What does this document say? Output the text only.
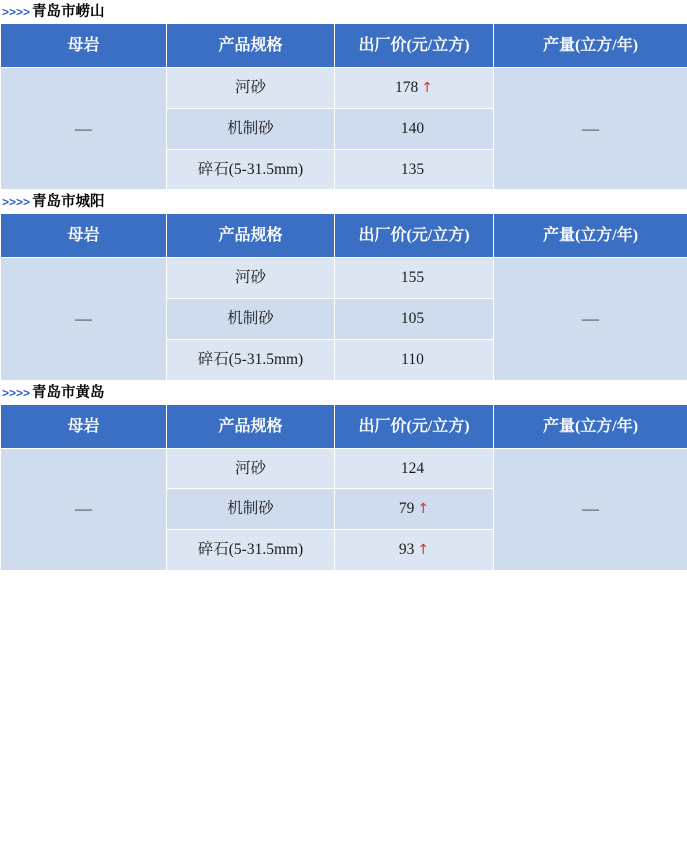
>>>> 青岛市崂山
母岩	产品规格	出厂价(元/立方)	产量(立方/年)
—	河砂	178 ↑	—
	机制砂	140	
	碎石(5-31.5mm)	135	
>>>> 青岛市城阳
母岩	产品规格	出厂价(元/立方)	产量(立方/年)
—	河砂	155	—
	机制砂	105	
	碎石(5-31.5mm)	110	
>>>> 青岛市黄岛
母岩	产品规格	出厂价(元/立方)	产量(立方/年)
—	河砂	124	—
	机制砂	79 ↑	
	碎石(5-31.5mm)	93 ↑	
